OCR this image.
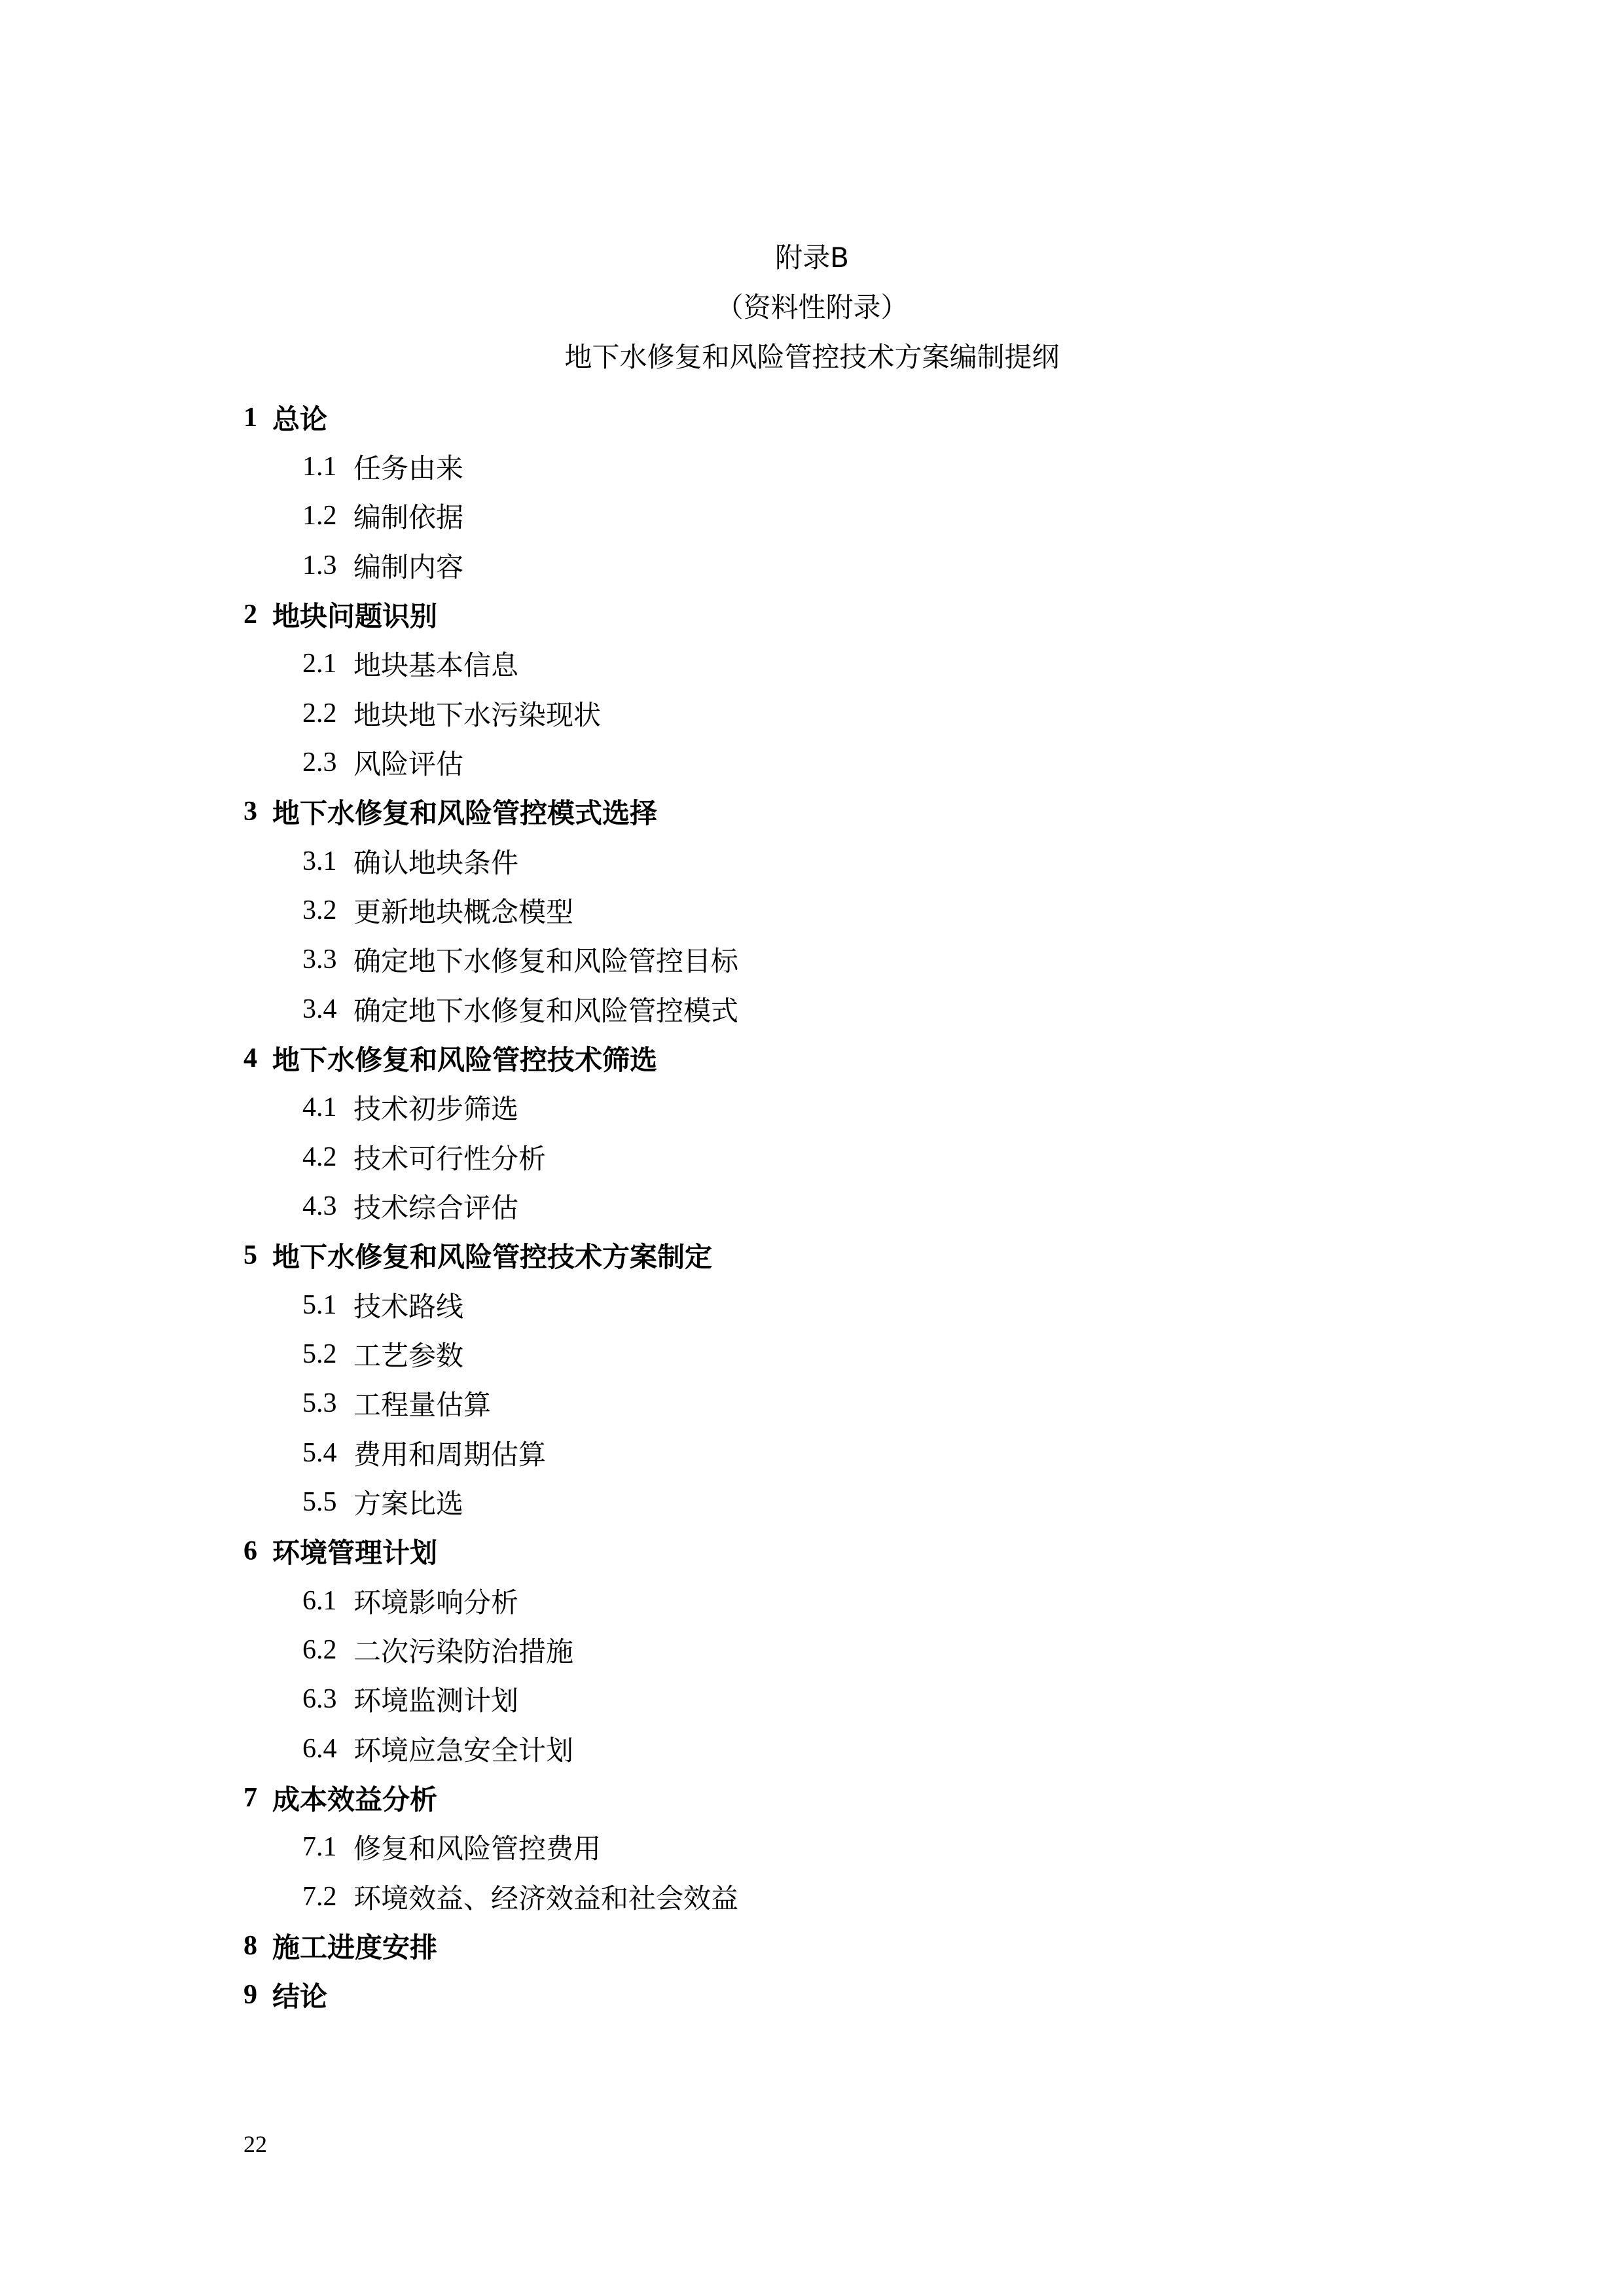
附录B
（资料性附录）
地下水修复和风险管控技术方案编制提纲
1 总论
1.1 任务由来
1.2 编制依据
1.3 编制内容
2 地块问题识别
2.1 地块基本信息
2.2 地块地下水污染现状
2.3 风险评估
3 地下水修复和风险管控模式选择
3.1 确认地块条件
3.2 更新地块概念模型
3.3 确定地下水修复和风险管控目标
3.4 确定地下水修复和风险管控模式
4 地下水修复和风险管控技术筛选
4.1 技术初步筛选
4.2 技术可行性分析
4.3 技术综合评估
5 地下水修复和风险管控技术方案制定
5.1 技术路线
5.2 工艺参数
5.3 工程量估算
5.4 费用和周期估算
5.5 方案比选
6 环境管理计划
6.1 环境影响分析
6.2 二次污染防治措施
6.3 环境监测计划
6.4 环境应急安全计划
7 成本效益分析
7.1 修复和风险管控费用
7.2 环境效益、经济效益和社会效益
8 施工进度安排
9 结论
22
